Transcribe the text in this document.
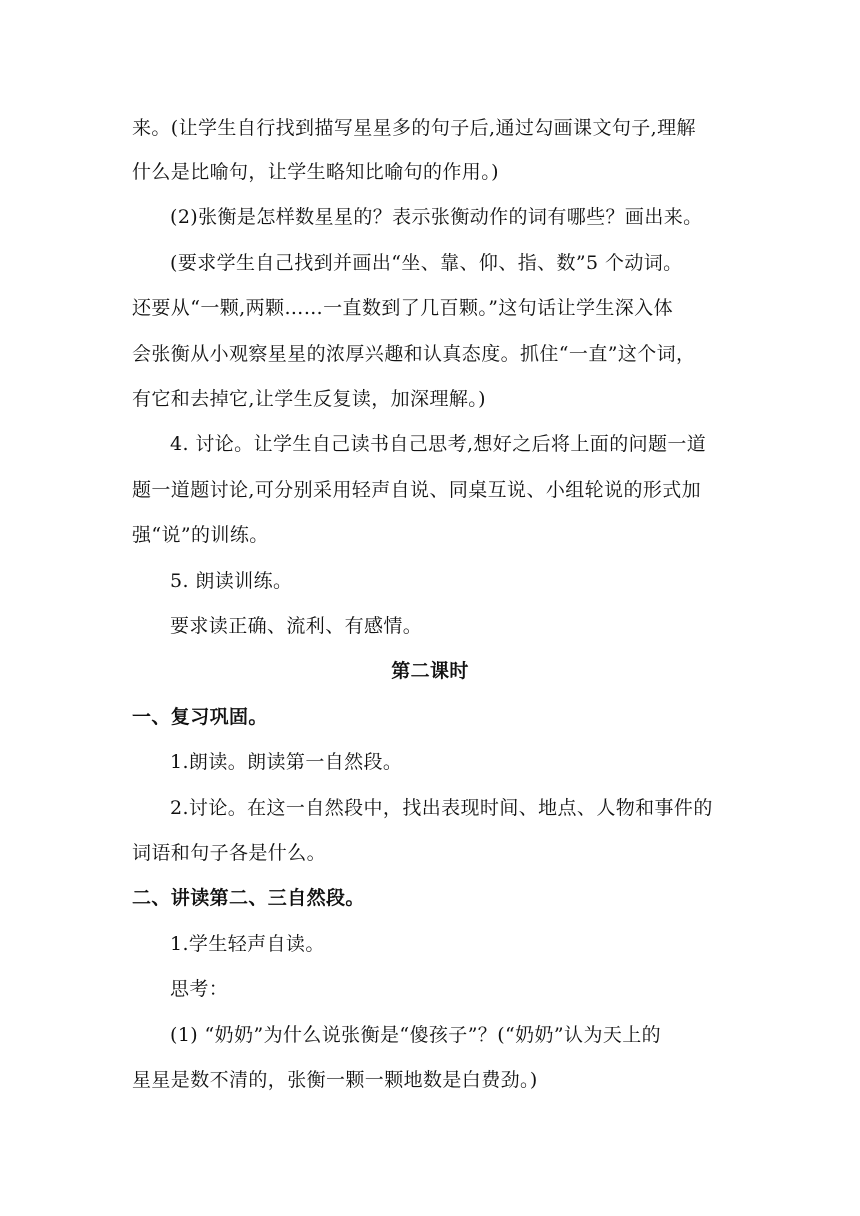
来。(让学生自行找到描写星星多的句子后,通过勾画课文句子,理解

什么是比喻句，让学生略知比喻句的作用。)

(2)张衡是怎样数星星的？表示张衡动作的词有哪些？画出来。

(要求学生自己找到并画出“坐、靠、仰、指、数”5 个动词。

还要从“一颗,两颗……一直数到了几百颗。”这句话让学生深入体

会张衡从小观察星星的浓厚兴趣和认真态度。抓住“一直”这个词，

有它和去掉它,让学生反复读，加深理解。)

4. 讨论。让学生自己读书自己思考,想好之后将上面的问题一道

题一道题讨论,可分别采用轻声自说、同桌互说、小组轮说的形式加

强“说”的训练。

5. 朗读训练。

要求读正确、流利、有感情。

第二课时

一、复习巩固。

1.朗读。朗读第一自然段。

2.讨论。在这一自然段中，找出表现时间、地点、人物和事件的

词语和句子各是什么。

二、讲读第二、三自然段。

1.学生轻声自读。

思考：

(1) “奶奶”为什么说张衡是“傻孩子”？(“奶奶”认为天上的

星星是数不清的，张衡一颗一颗地数是白费劲。)
